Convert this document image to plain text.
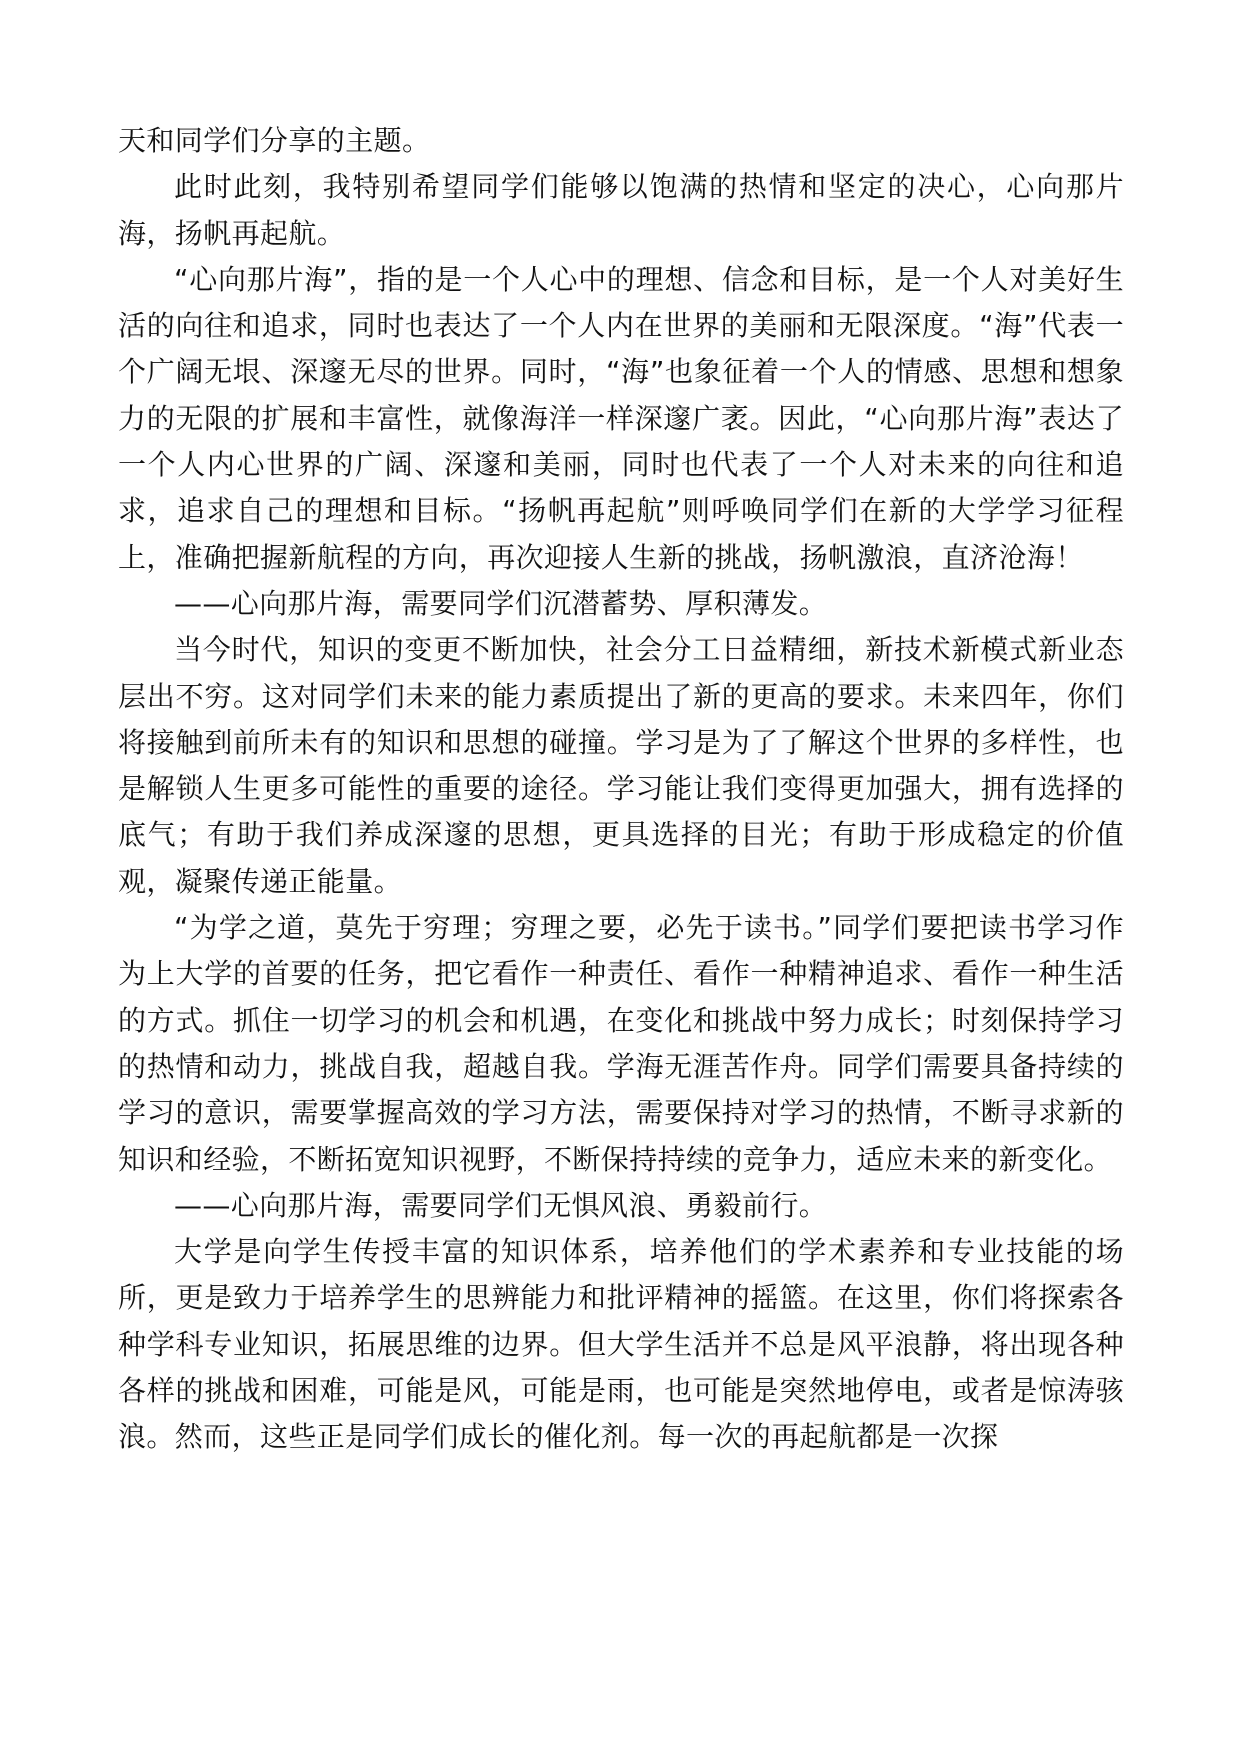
天和同学们分享的主题。

此时此刻，我特别希望同学们能够以饱满的热情和坚定的决心，心向那片海，扬帆再起航。

“心向那片海”，指的是一个人心中的理想、信念和目标，是一个人对美好生活的向往和追求，同时也表达了一个人内在世界的美丽和无限深度。“海”代表一个广阔无垠、深邃无尽的世界。同时，“海”也象征着一个人的情感、思想和想象力的无限的扩展和丰富性，就像海洋一样深邃广袤。因此，“心向那片海”表达了一个人内心世界的广阔、深邃和美丽，同时也代表了一个人对未来的向往和追求，追求自己的理想和目标。“扬帆再起航”则呼唤同学们在新的大学学习征程上，准确把握新航程的方向，再次迎接人生新的挑战，扬帆激浪，直济沧海！

——心向那片海，需要同学们沉潜蓄势、厚积薄发。

当今时代，知识的变更不断加快，社会分工日益精细，新技术新模式新业态层出不穷。这对同学们未来的能力素质提出了新的更高的要求。未来四年，你们将接触到前所未有的知识和思想的碰撞。学习是为了了解这个世界的多样性，也是解锁人生更多可能性的重要的途径。学习能让我们变得更加强大，拥有选择的底气；有助于我们养成深邃的思想，更具选择的目光；有助于形成稳定的价值观，凝聚传递正能量。

“为学之道，莫先于穷理；穷理之要，必先于读书。”同学们要把读书学习作为上大学的首要的任务，把它看作一种责任、看作一种精神追求、看作一种生活的方式。抓住一切学习的机会和机遇，在变化和挑战中努力成长；时刻保持学习的热情和动力，挑战自我，超越自我。学海无涯苦作舟。同学们需要具备持续的学习的意识，需要掌握高效的学习方法，需要保持对学习的热情，不断寻求新的知识和经验，不断拓宽知识视野，不断保持持续的竞争力，适应未来的新变化。

——心向那片海，需要同学们无惧风浪、勇毅前行。

大学是向学生传授丰富的知识体系，培养他们的学术素养和专业技能的场所，更是致力于培养学生的思辨能力和批评精神的摇篮。在这里，你们将探索各种学科专业知识，拓展思维的边界。但大学生活并不总是风平浪静，将出现各种各样的挑战和困难，可能是风，可能是雨，也可能是突然地停电，或者是惊涛骇浪。然而，这些正是同学们成长的催化剂。每一次的再起航都是一次探
